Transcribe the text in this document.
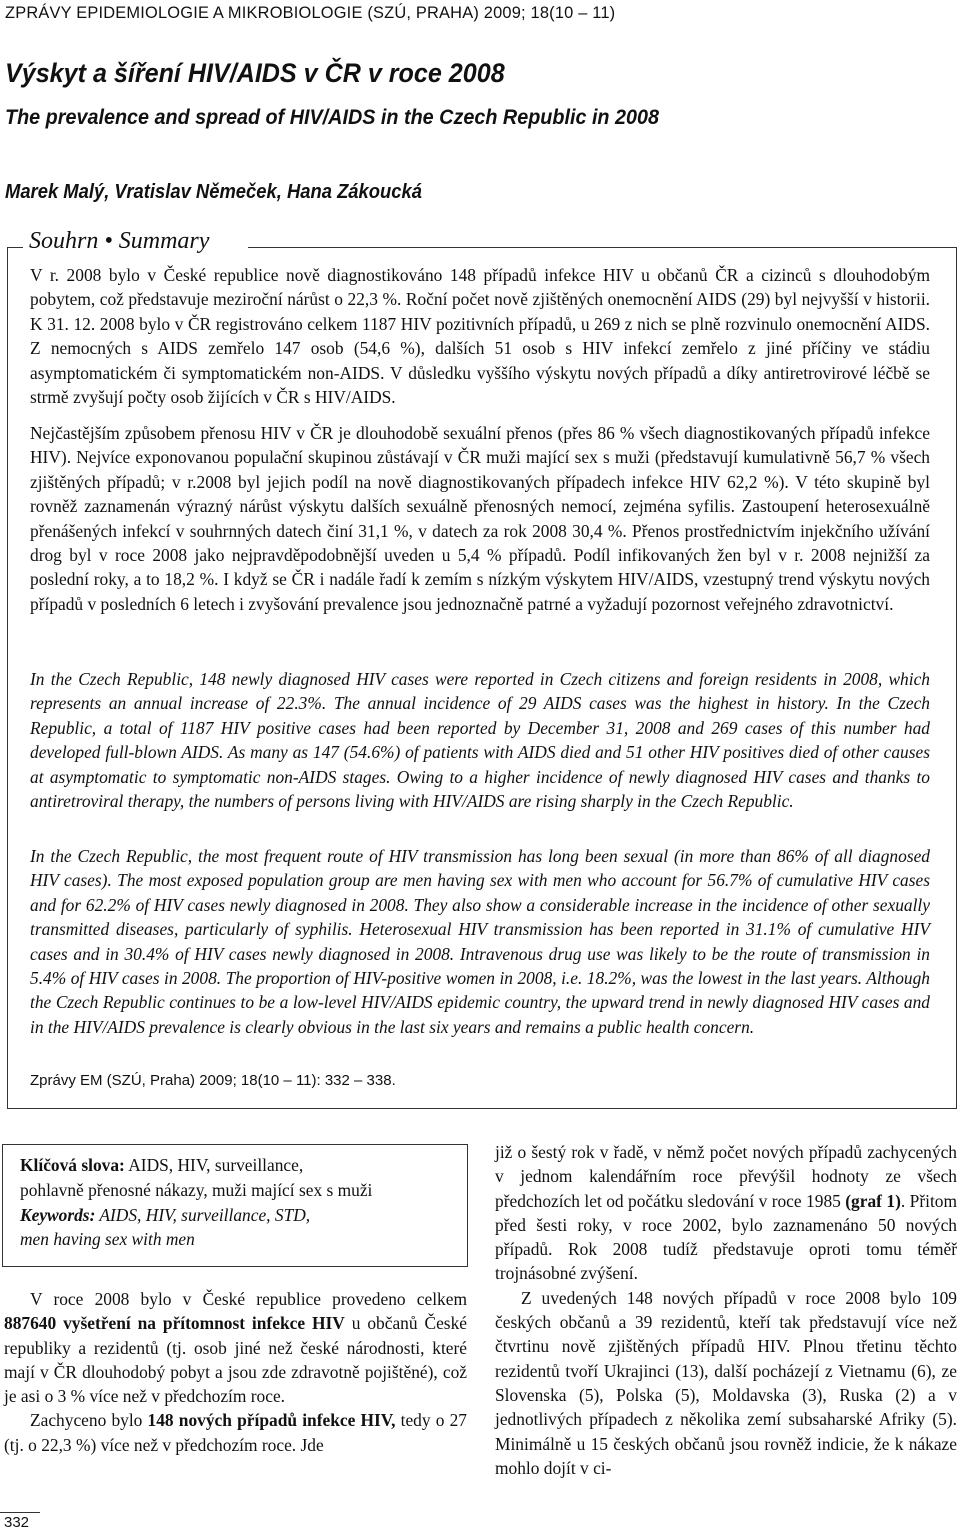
ZPRÁVY EPIDEMIOLOGIE A MIKROBIOLOGIE (SZÚ, PRAHA) 2009; 18(10 – 11)
Výskyt a šíření HIV/AIDS v ČR v roce 2008
The prevalence and spread of HIV/AIDS in the Czech Republic in 2008
Marek Malý, Vratislav Němeček, Hana Zákoucká
Souhrn • Summary

V r. 2008 bylo v České republice nově diagnostikováno 148 případů infekce HIV u občanů ČR a cizinců s dlouhodobým pobytem, což představuje meziroční nárůst o 22,3 %. Roční počet nově zjištěných onemocnění AIDS (29) byl nejvyšší v historii. K 31. 12. 2008 bylo v ČR registrováno celkem 1187 HIV pozitivních případů, u 269 z nich se plně rozvinulo onemocnění AIDS. Z nemocných s AIDS zemřelo 147 osob (54,6 %), dalších 51 osob s HIV infekcí zemřelo z jiné příčiny ve stádiu asymptomatickém či symptomatickém non-AIDS. V důsledku vyššího výskytu nových případů a díky antiretrovirové léčbě se strmě zvyšují počty osob žijících v ČR s HIV/AIDS.

Nejčastějším způsobem přenosu HIV v ČR je dlouhodobě sexuální přenos (přes 86 % všech diagnostikovaných případů infekce HIV). Nejvíce exponovanou populační skupinou zůstávají v ČR muži mající sex s muži (představují kumulativně 56,7 % všech zjištěných případů; v r.2008 byl jejich podíl na nově diagnostikovaných případech infekce HIV 62,2 %). V této skupině byl rovněž zaznamenán výrazný nárůst výskytu dalších sexuálně přenosných nemocí, zejména syfilis. Zastoupení heterosexuálně přenášených infekcí v souhrnných datech činí 31,1 %, v datech za rok 2008 30,4 %. Přenos prostřednictvím injekčního užívání drog byl v roce 2008 jako nejpravděpodobnější uveden u 5,4 % případů. Podíl infikovaných žen byl v r. 2008 nejnižší za poslední roky, a to 18,2 %. I když se ČR i nadále řadí k zemím s nízkým výskytem HIV/AIDS, vzestupný trend výskytu nových případů v posledních 6 letech i zvyšování prevalence jsou jednoznačně patrné a vyžadují pozornost veřejného zdravotnictví.

In the Czech Republic, 148 newly diagnosed HIV cases were reported in Czech citizens and foreign residents in 2008, which represents an annual increase of 22.3%. The annual incidence of 29 AIDS cases was the highest in history. In the Czech Republic, a total of 1187 HIV positive cases had been reported by December 31, 2008 and 269 cases of this number had developed full-blown AIDS. As many as 147 (54.6%) of patients with AIDS died and 51 other HIV positives died of other causes at asymptomatic to symptomatic non-AIDS stages. Owing to a higher incidence of newly diagnosed HIV cases and thanks to antiretroviral therapy, the numbers of persons living with HIV/AIDS are rising sharply in the Czech Republic.

In the Czech Republic, the most frequent route of HIV transmission has long been sexual (in more than 86% of all diagnosed HIV cases). The most exposed population group are men having sex with men who account for 56.7% of cumulative HIV cases and for 62.2% of HIV cases newly diagnosed in 2008. They also show a considerable increase in the incidence of other sexually transmitted diseases, particularly of syphilis. Heterosexual HIV transmission has been reported in 31.1% of cumulative HIV cases and in 30.4% of HIV cases newly diagnosed in 2008. Intravenous drug use was likely to be the route of transmission in 5.4% of HIV cases in 2008. The proportion of HIV-positive women in 2008, i.e. 18.2%, was the lowest in the last years. Although the Czech Republic continues to be a low-level HIV/AIDS epidemic country, the upward trend in newly diagnosed HIV cases and in the HIV/AIDS prevalence is clearly obvious in the last six years and remains a public health concern.

Zprávy EM (SZÚ, Praha) 2009; 18(10 – 11): 332 – 338.
Klíčová slova: AIDS, HIV, surveillance,
pohlavně přenosné nákazy, muži mající sex s muži
Keywords: AIDS, HIV, surveillance, STD,
men having sex with men

V roce 2008 bylo v České republice provedeno celkem 887640 vyšetření na přítomnost infekce HIV u občanů České republiky a rezidentů (tj. osob jiné než české národnosti, které mají v ČR dlouhodobý pobyt a jsou zde zdravotně pojištěné), což je asi o 3 % více než v předchozím roce.

Zachyceno bylo 148 nových případů infekce HIV, tedy o 27 (tj. o 22,3 %) více než v předchozím roce. Jde

již o šestý rok v řadě, v němž počet nových případů zachycených v jednom kalendářním roce převýšil hodnoty ze všech předchozích let od počátku sledování v roce 1985 (graf 1). Přitom před šesti roky, v roce 2002, bylo zaznamenáno 50 nových případů. Rok 2008 tudíž představuje oproti tomu téměř trojnásobné zvýšení.

Z uvedených 148 nových případů v roce 2008 bylo 109 českých občanů a 39 rezidentů, kteří tak představují více než čtvrtinu nově zjištěných případů HIV. Plnou třetinu těchto rezidentů tvoří Ukrajinci (13), další pocházejí z Vietnamu (6), ze Slovenska (5), Polska (5), Moldavska (3), Ruska (2) a v jednotlivých případech z několika zemí subsaharské Afriky (5). Minimálně u 15 českých občanů jsou rovněž indicie, že k nákaze mohlo dojít v ci-

332
